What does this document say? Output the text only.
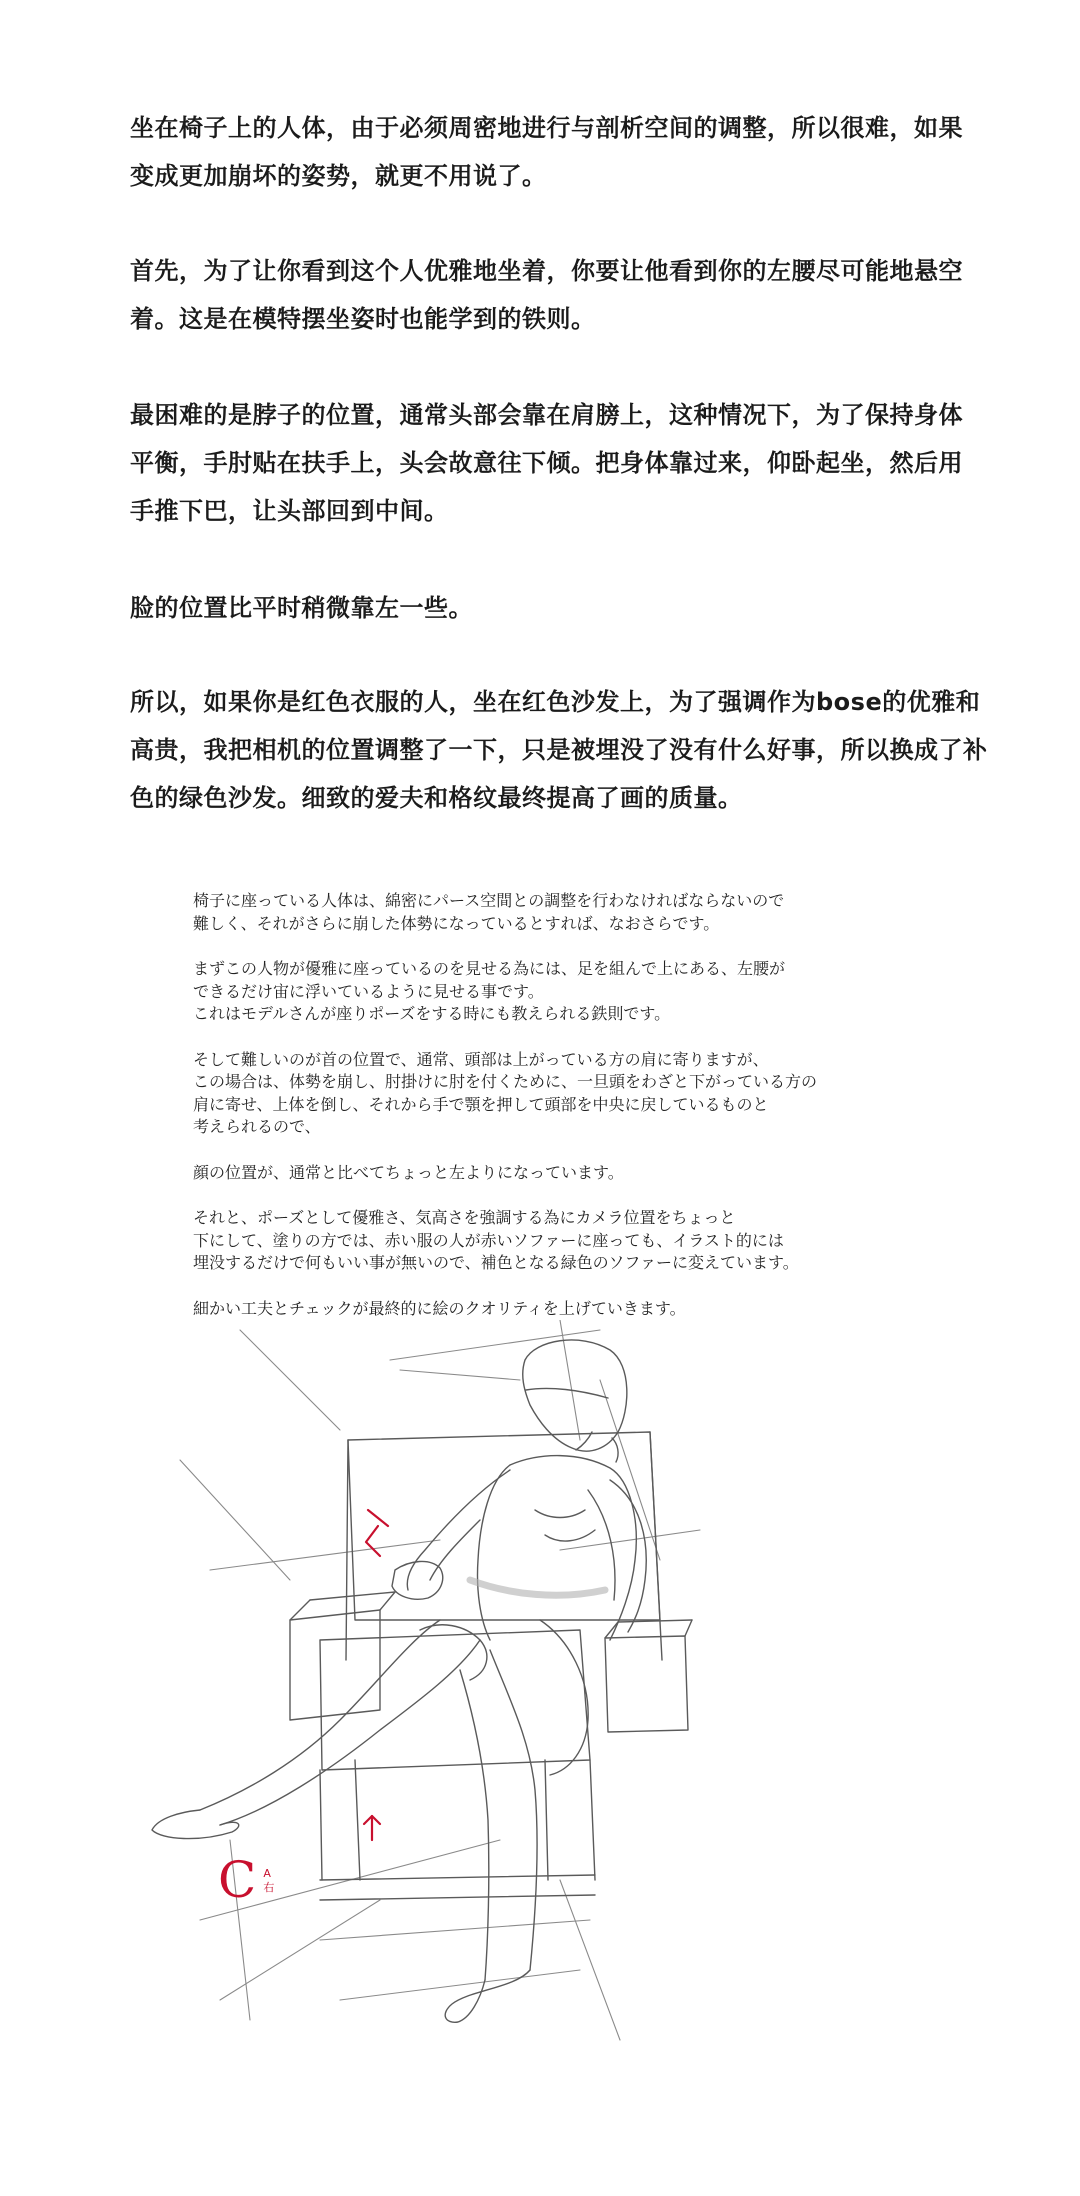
坐在椅子上的人体，由于必须周密地进行与剖析空间的调整，所以很难，如果
变成更加崩坏的姿势，就更不用说了。
首先，为了让你看到这个人优雅地坐着，你要让他看到你的左腰尽可能地悬空
着。这是在模特摆坐姿时也能学到的铁则。
最困难的是脖子的位置，通常头部会靠在肩膀上，这种情况下，为了保持身体
平衡，手肘贴在扶手上，头会故意往下倾。把身体靠过来，仰卧起坐，然后用
手推下巴，让头部回到中间。
脸的位置比平时稍微靠左一些。
所以，如果你是红色衣服的人，坐在红色沙发上，为了强调作为bose的优雅和
高贵，我把相机的位置调整了一下，只是被埋没了没有什么好事，所以换成了补
色的绿色沙发。细致的爱夫和格纹最终提高了画的质量。

椅子に座っている人体は、綿密にパース空間との調整を行わなければならないので
難しく、それがさらに崩した体勢になっているとすれば、なおさらです。

まずこの人物が優雅に座っているのを見せる為には、足を組んで上にある、左腰が
できるだけ宙に浮いているように見せる事です。
これはモデルさんが座りポーズをする時にも教えられる鉄則です。

そして難しいのが首の位置で、通常、頭部は上がっている方の肩に寄りますが、
この場合は、体勢を崩し、肘掛けに肘を付くために、一旦頭をわざと下がっている方の
肩に寄せ、上体を倒し、それから手で顎を押して頭部を中央に戻しているものと
考えられるので、

顔の位置が、通常と比べてちょっと左よりになっています。

それと、ポーズとして優雅さ、気高さを強調する為にカメラ位置をちょっと
下にして、塗りの方では、赤い服の人が赤いソファーに座っても、イラスト的には
埋没するだけで何もいい事が無いので、補色となる緑色のソファーに変えています。

細かい工夫とチェックが最終的に絵のクオリティを上げていきます。

C A
右
